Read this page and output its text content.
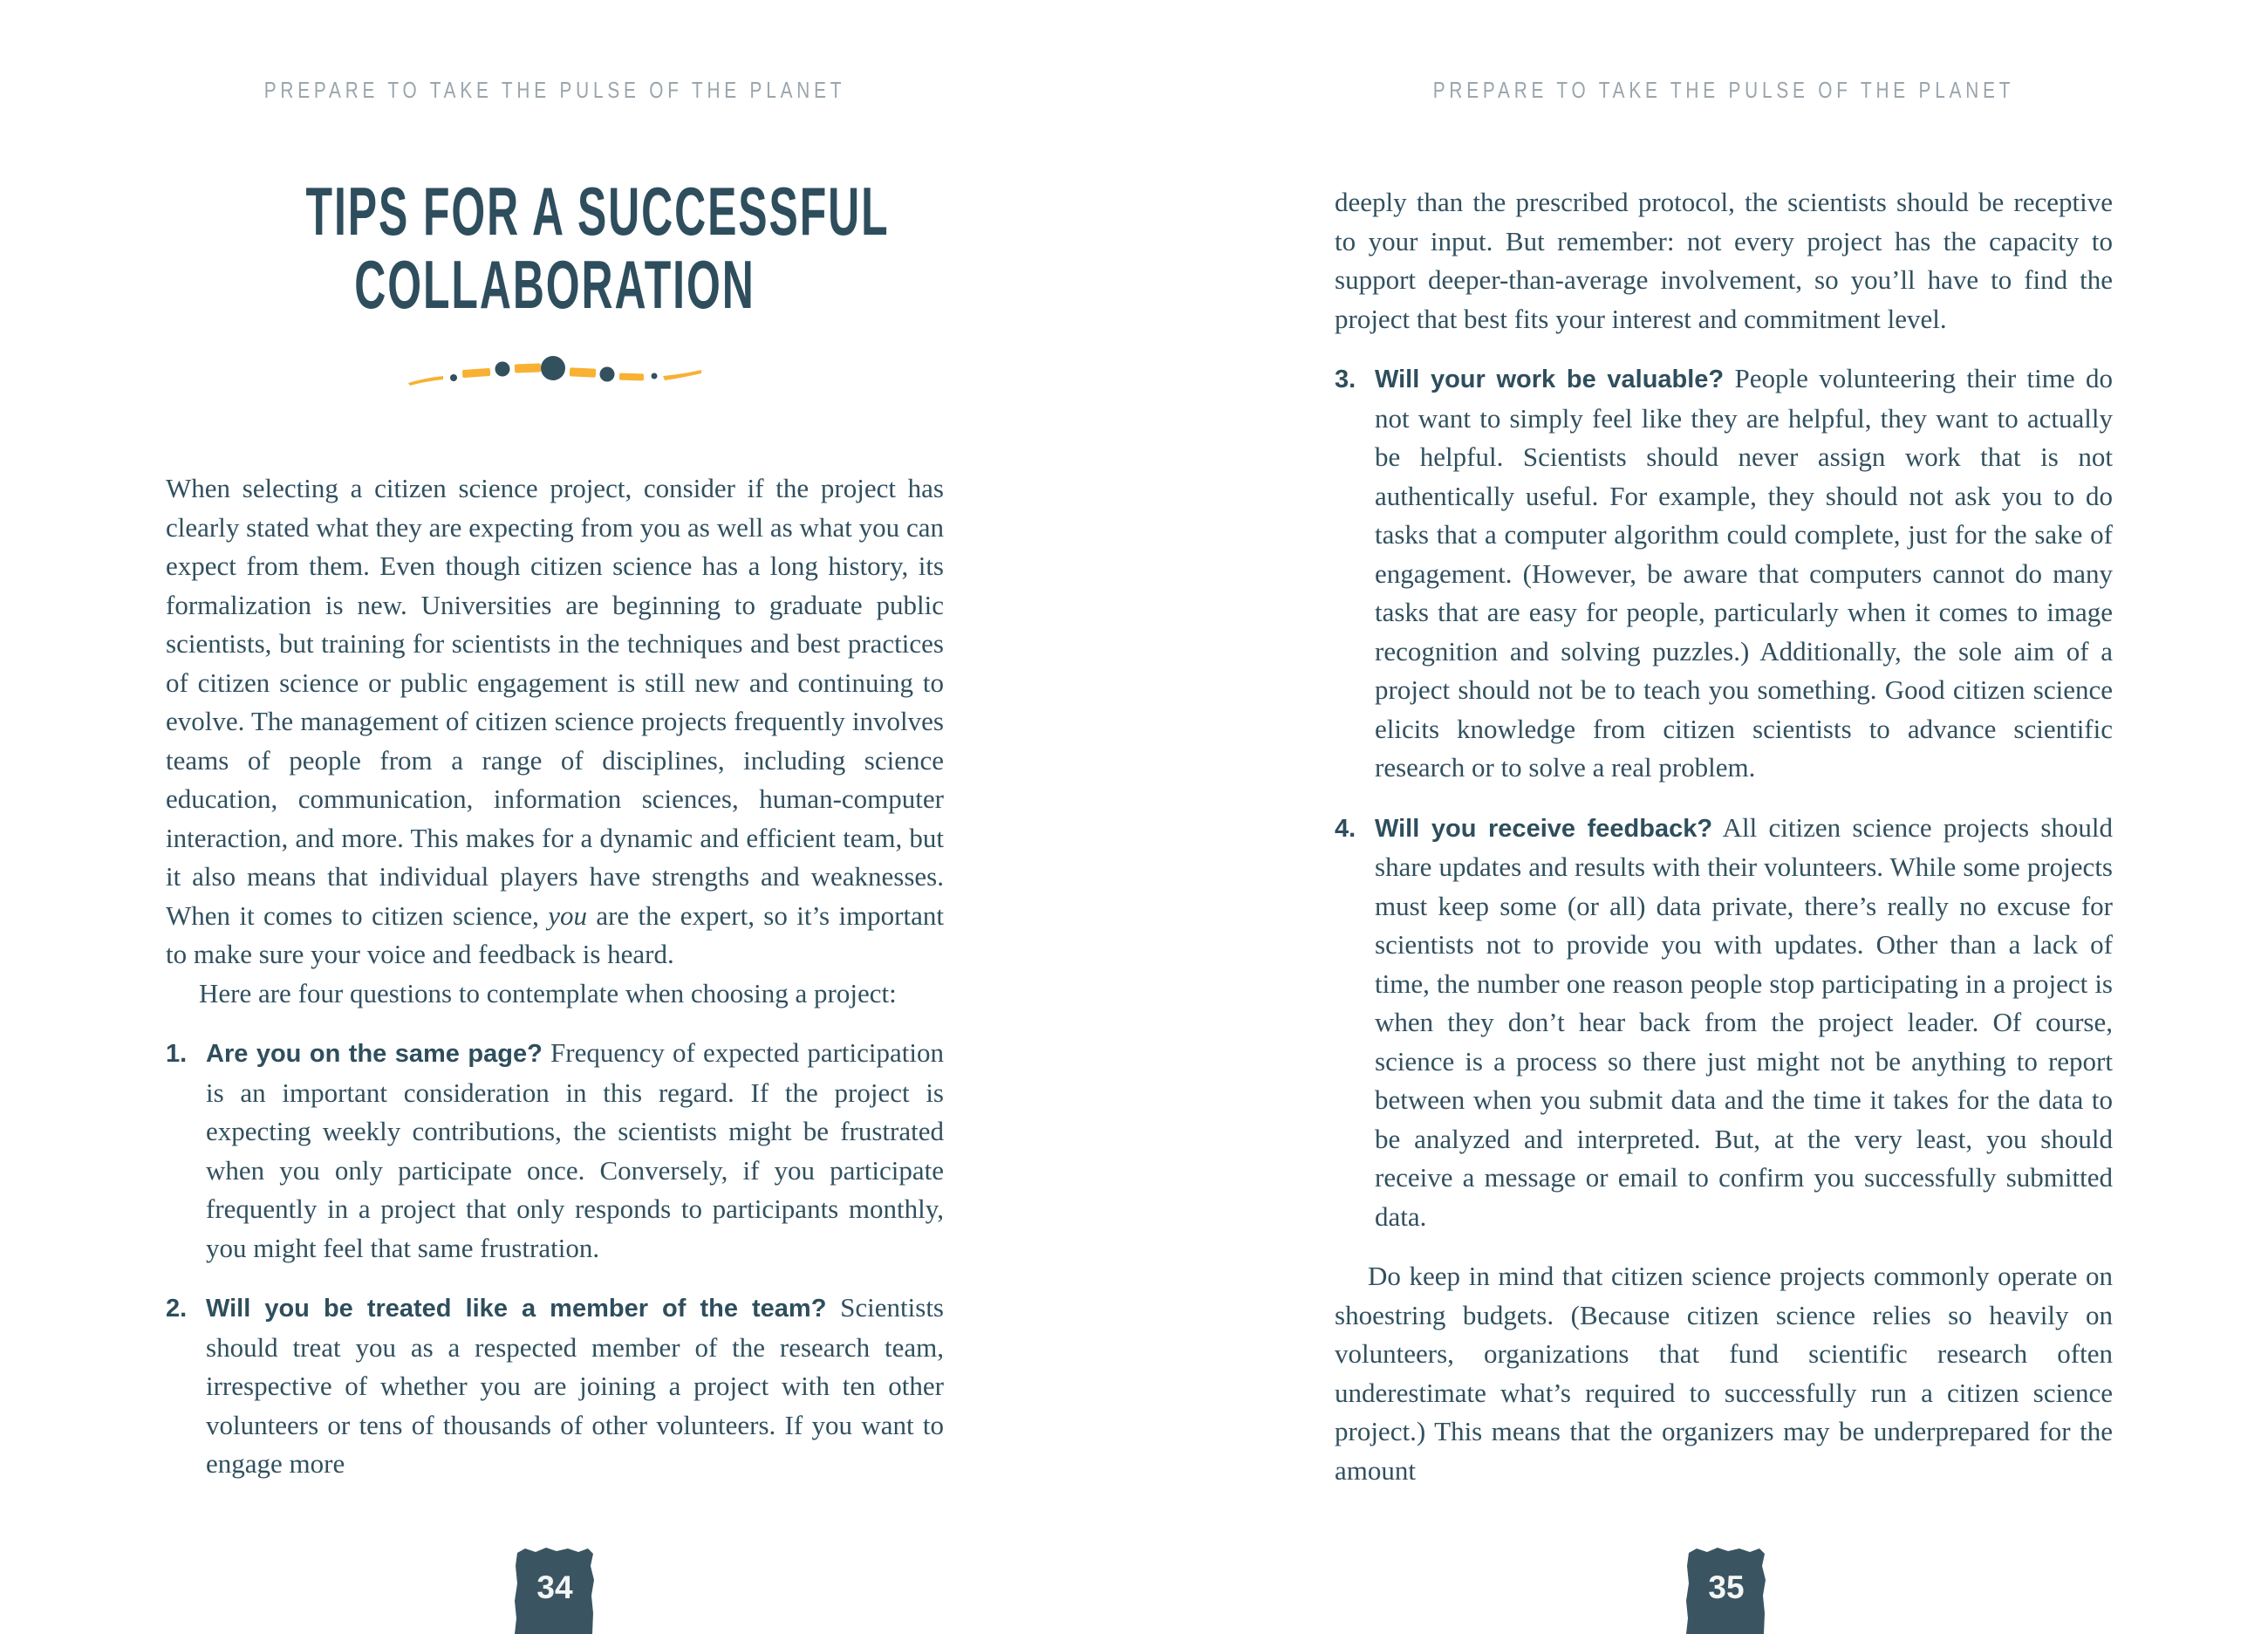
PREPARE TO TAKE THE PULSE OF THE PLANET
TIPS FOR A SUCCESSFUL
COLLABORATION

When selecting a citizen science project, consider if the project has clearly stated what they are expecting from you as well as what you can expect from them. Even though citizen science has a long history, its formalization is new. Universities are beginning to graduate public scientists, but training for scientists in the techniques and best practices of citizen science or public engagement is still new and continuing to evolve. The management of citizen science projects frequently involves teams of people from a range of disciplines, including science education, communication, information sciences, human-computer interaction, and more. This makes for a dynamic and efficient team, but it also means that individual players have strengths and weaknesses. When it comes to citizen science, you are the expert, so it’s important to make sure your voice and feedback is heard.

Here are four questions to contemplate when choosing a project:

1. Are you on the same page? Frequency of expected participation is an important consideration in this regard. If the project is expecting weekly contributions, the scientists might be frustrated when you only participate once. Conversely, if you participate frequently in a project that only responds to participants monthly, you might feel that same frustration.
2. Will you be treated like a member of the team? Scientists should treat you as a respected member of the research team, irrespective of whether you are joining a project with ten other volunteers or tens of thousands of other volunteers. If you want to engage more
34
PREPARE TO TAKE THE PULSE OF THE PLANET

deeply than the prescribed protocol, the scientists should be receptive to your input. But remember: not every project has the capacity to support deeper-than-average involvement, so you’ll have to find the project that best fits your interest and commitment level.

3. Will your work be valuable? People volunteering their time do not want to simply feel like they are helpful, they want to actually be helpful. Scientists should never assign work that is not authentically useful. For example, they should not ask you to do tasks that a computer algorithm could complete, just for the sake of engagement. (However, be aware that computers cannot do many tasks that are easy for people, particularly when it comes to image recognition and solving puzzles.) Additionally, the sole aim of a project should not be to teach you something. Good citizen science elicits knowledge from citizen scientists to advance scientific research or to solve a real problem.
4. Will you receive feedback? All citizen science projects should share updates and results with their volunteers. While some projects must keep some (or all) data private, there’s really no excuse for scientists not to provide you with updates. Other than a lack of time, the number one reason people stop participating in a project is when they don’t hear back from the project leader. Of course, science is a process so there just might not be anything to report between when you submit data and the time it takes for the data to be analyzed and interpreted. But, at the very least, you should receive a message or email to confirm you successfully submitted data.

Do keep in mind that citizen science projects commonly operate on shoestring budgets. (Because citizen science relies so heavily on volunteers, organizations that fund scientific research often underestimate what’s required to successfully run a citizen science project.) This means that the organizers may be underprepared for the amount

35
